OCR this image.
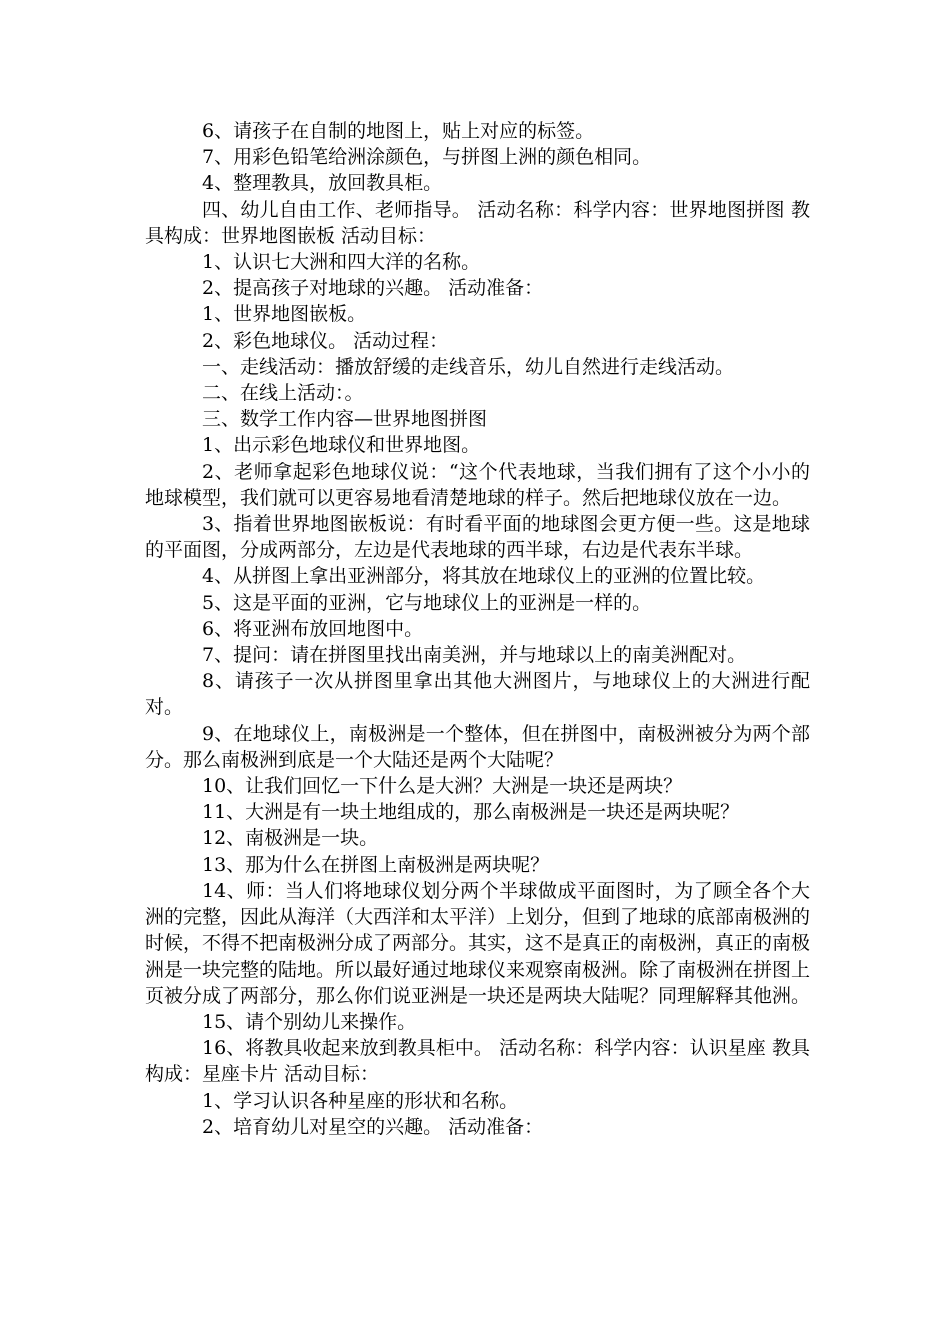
6、请孩子在自制的地图上，贴上对应的标签。

7、用彩色铅笔给洲涂颜色，与拼图上洲的颜色相同。

4、整理教具，放回教具柜。

四、幼儿自由工作、老师指导。 活动名称：科学内容：世界地图拼图 教具构成：世界地图嵌板 活动目标：

1、认识七大洲和四大洋的名称。

2、提高孩子对地球的兴趣。 活动准备：

1、世界地图嵌板。

2、彩色地球仪。 活动过程：

一、走线活动：播放舒缓的走线音乐，幼儿自然进行走线活动。

二、在线上活动：。

三、数学工作内容—世界地图拼图

1、出示彩色地球仪和世界地图。

2、老师拿起彩色地球仪说：“这个代表地球，当我们拥有了这个小小的地球模型，我们就可以更容易地看清楚地球的样子。然后把地球仪放在一边。

3、指着世界地图嵌板说：有时看平面的地球图会更方便一些。这是地球的平面图，分成两部分，左边是代表地球的西半球，右边是代表东半球。

4、从拼图上拿出亚洲部分，将其放在地球仪上的亚洲的位置比较。

5、这是平面的亚洲，它与地球仪上的亚洲是一样的。

6、将亚洲布放回地图中。

7、提问：请在拼图里找出南美洲，并与地球以上的南美洲配对。

8、请孩子一次从拼图里拿出其他大洲图片，与地球仪上的大洲进行配对。

9、在地球仪上，南极洲是一个整体，但在拼图中，南极洲被分为两个部分。那么南极洲到底是一个大陆还是两个大陆呢？

10、让我们回忆一下什么是大洲？大洲是一块还是两块？

11、大洲是有一块土地组成的，那么南极洲是一块还是两块呢？

12、南极洲是一块。

13、那为什么在拼图上南极洲是两块呢？

14、师：当人们将地球仪划分两个半球做成平面图时，为了顾全各个大洲的完整，因此从海洋（大西洋和太平洋）上划分，但到了地球的底部南极洲的时候，不得不把南极洲分成了两部分。其实，这不是真正的南极洲，真正的南极洲是一块完整的陆地。所以最好通过地球仪来观察南极洲。除了南极洲在拼图上页被分成了两部分，那么你们说亚洲是一块还是两块大陆呢？同理解释其他洲。

15、请个别幼儿来操作。

16、将教具收起来放到教具柜中。 活动名称：科学内容：认识星座 教具构成：星座卡片 活动目标：

1、学习认识各种星座的形状和名称。

2、培育幼儿对星空的兴趣。 活动准备：
